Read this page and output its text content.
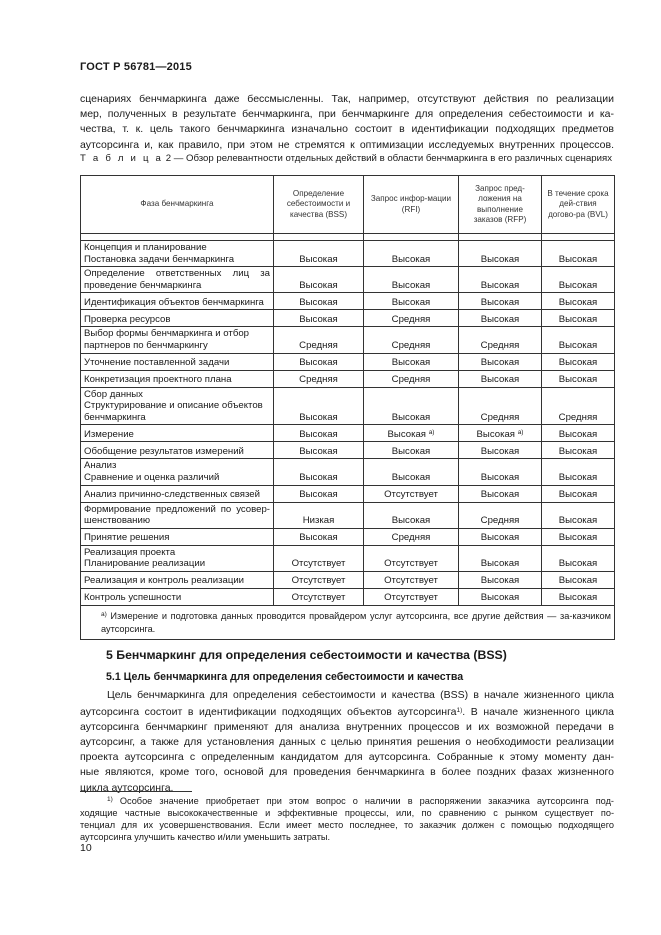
ГОСТ Р 56781—2015
сценариях бенчмаркинга даже бессмысленны. Так, например, отсутствуют действия по реализации
мер, полученных в результате бенчмаркинга, при бенчмаркинге для определения себестоимости и ка-
чества, т. к. цель такого бенчмаркинга изначально состоит в идентификации подходящих предметов
аутсорсинга и, как правило, при этом не стремятся к оптимизации исследуемых внутренних процессов.
Т а б л и ц а 2 — Обзор релевантности отдельных действий в области бенчмаркинга в его различных сценариях
Фаза бенчмаркинга	Определение себестоимости и качества (BSS)	Запрос инфор-мации (RFI)	Запрос пред-ложения на выполнение заказов (RFP)	В течение срока дей-ствия догово-ра (BVL)

Концепция и планирование
Постановка задачи бенчмаркинга	Высокая	Высокая	Высокая	Высокая

Определение ответственных лиц за
проведение бенчмаркинга	Высокая	Высокая	Высокая	Высокая

Идентификация объектов бенчмаркинга	Высокая	Высокая	Высокая	Высокая

Проверка ресурсов	Высокая	Средняя	Высокая	Высокая

Выбор формы бенчмаркинга и отбор
партнеров по бенчмаркингу	Средняя	Средняя	Средняя	Высокая

Уточнение поставленной задачи	Высокая	Высокая	Высокая	Высокая

Конкретизация проектного плана	Средняя	Средняя	Высокая	Высокая

Сбор данных
Структурирование и описание объектов
бенчмаркинга	Высокая	Высокая	Средняя	Средняя

Измерение	Высокая	Высокая $^{а)}$	Высокая $^{а)}$	Высокая

Обобщение результатов измерений	Высокая	Высокая	Высокая	Высокая

Анализ
Сравнение и оценка различий	Высокая	Высокая	Высокая	Высокая

Анализ причинно-следственных связей	Высокая	Отсутствует	Высокая	Высокая

Формирование предложений по усовер-
шенствованию	Низкая	Высокая	Средняя	Высокая

Принятие решения	Высокая	Средняя	Высокая	Высокая

Реализация проекта
Планирование реализации	Отсутствует	Отсутствует	Высокая	Высокая

Реализация и контроль реализации	Отсутствует	Отсутствует	Высокая	Высокая

Контроль успешности	Отсутствует	Отсутствует	Высокая	Высокая
$^{а)}$ Измерение и подготовка данных проводится провайдером услуг аутсорсинга, все другие действия — за-казчиком аутсорсинга.				
5 Бенчмаркинг для определения себестоимости и качества (BSS)
5.1 Цель бенчмаркинга для определения себестоимости и качества
Цель бенчмаркинга для определения себестоимости и качества (BSS) в начале жизненного цикла
аутсорсинга состоит в идентификации подходящих объектов аутсорсинга$^{1)}$. В начале жизненного цикла
аутсорсинга бенчмаркинг применяют для анализа внутренних процессов и их возможной передачи в
аутсорсинг, а также для установления данных с целью принятия решения о необходимости реализации
проекта аутсорсинга с определенным кандидатом для аутсорсинга. Собранные к этому моменту дан-
ные являются, кроме того, основой для проведения бенчмаркинга в более поздних фазах жизненного
цикла аутсорсинга.
$^{1)}$ Особое значение приобретает при этом вопрос о наличии в распоряжении заказчика аутсорсинга под-
ходящие частные высококачественные и эффективные процессы, или, по сравнению с рынком существует по-
тенциал для их усовершенствования. Если имеет место последнее, то заказчик должен с помощью подходящего
аутсорсинга улучшить качество и/или уменьшить затраты.
10
